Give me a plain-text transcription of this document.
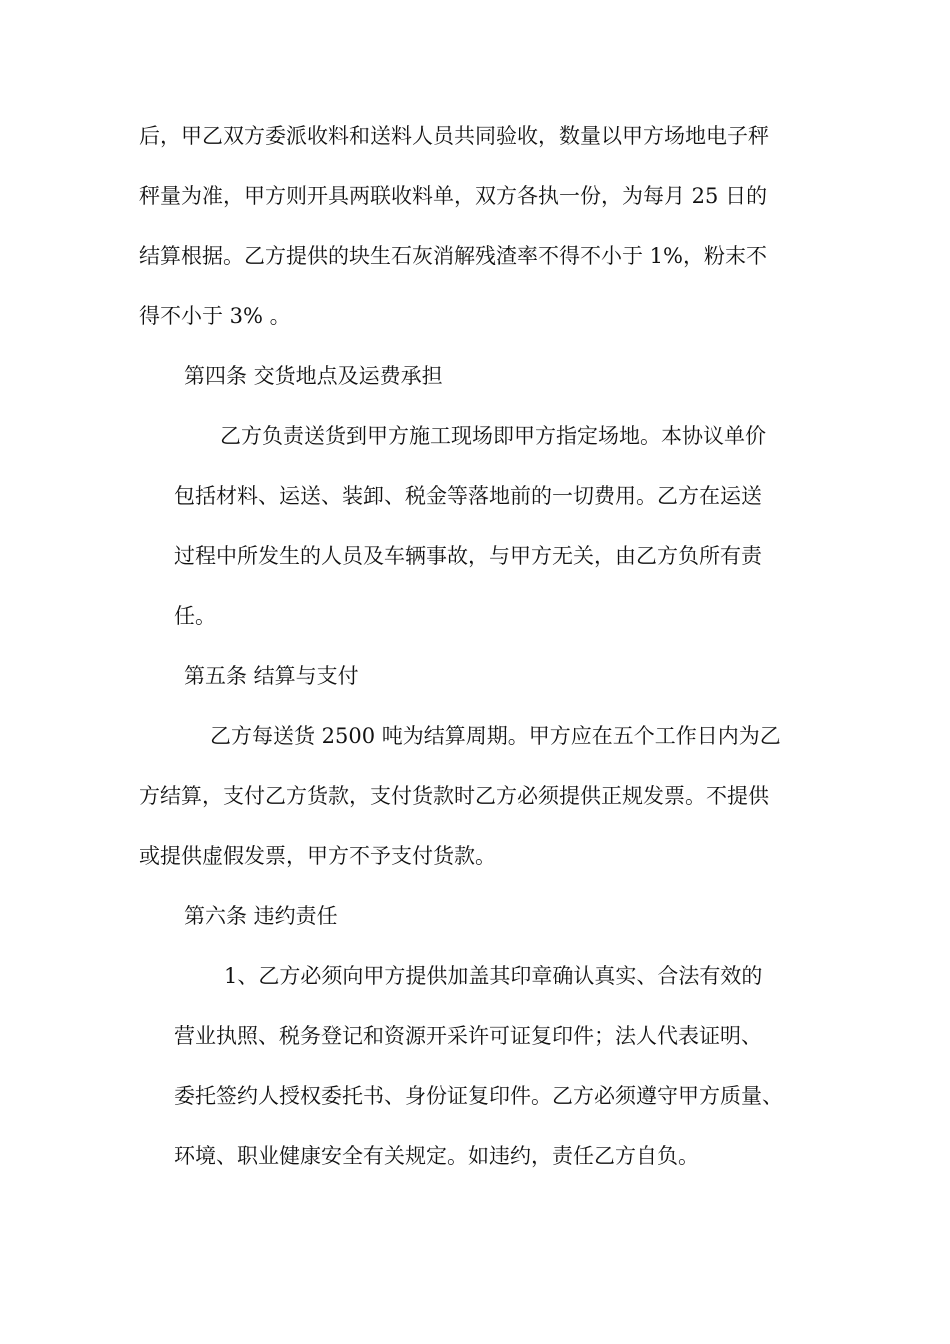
后，甲乙双方委派收料和送料人员共同验收，数量以甲方场地电子秤
秤量为准，甲方则开具两联收料单，双方各执一份，为每月 25 日的
结算根据。乙方提供的块生石灰消解残渣率不得不小于 1%，粉末不
得不小于 3% 。
第四条 交货地点及运费承担
乙方负责送货到甲方施工现场即甲方指定场地。本协议单价
包括材料、运送、装卸、税金等落地前的一切费用。乙方在运送
过程中所发生的人员及车辆事故，与甲方无关，由乙方负所有责
任。
第五条 结算与支付
乙方每送货 2500 吨为结算周期。甲方应在五个工作日内为乙
方结算，支付乙方货款，支付货款时乙方必须提供正规发票。不提供
或提供虚假发票，甲方不予支付货款。
第六条 违约责任
1、乙方必须向甲方提供加盖其印章确认真实、合法有效的
营业执照、税务登记和资源开采许可证复印件；法人代表证明、
委托签约人授权委托书、身份证复印件。乙方必须遵守甲方质量、
环境、职业健康安全有关规定。如违约，责任乙方自负。
